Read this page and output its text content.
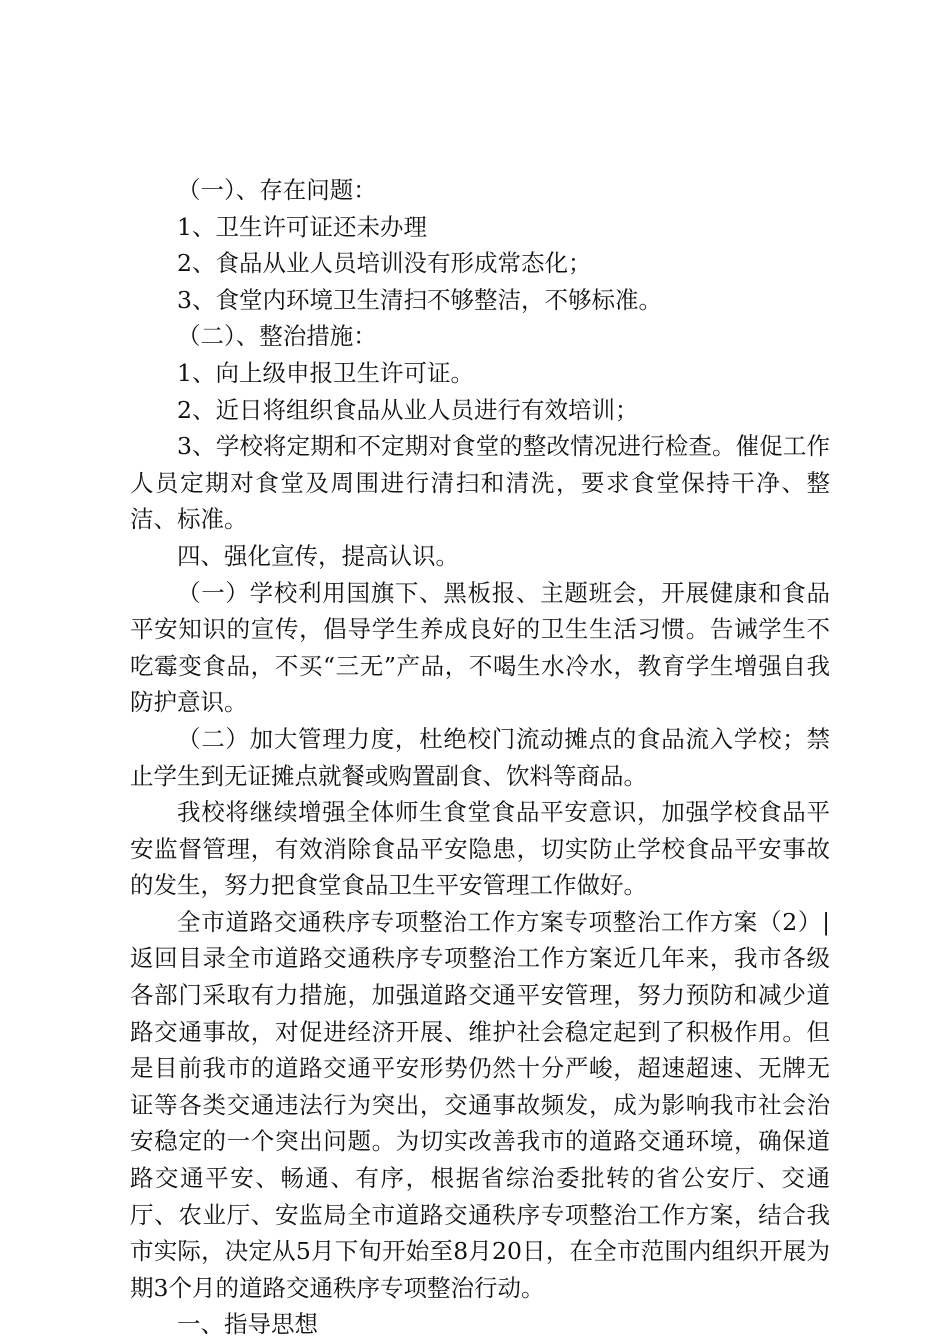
（一）、存在问题：

1、卫生许可证还未办理

2、食品从业人员培训没有形成常态化；

3、食堂内环境卫生清扫不够整洁，不够标准。

（二）、整治措施：

1、向上级申报卫生许可证。

2、近日将组织食品从业人员进行有效培训；

3、学校将定期和不定期对食堂的整改情况进行检查。催促工作人员定期对食堂及周围进行清扫和清洗，要求食堂保持干净、整洁、标准。

四、强化宣传，提高认识。

（一）学校利用国旗下、黑板报、主题班会，开展健康和食品平安知识的宣传，倡导学生养成良好的卫生生活习惯。告诫学生不吃霉变食品，不买“三无”产品，不喝生水冷水，教育学生增强自我防护意识。

（二）加大管理力度，杜绝校门流动摊点的食品流入学校；禁止学生到无证摊点就餐或购置副食、饮料等商品。

我校将继续增强全体师生食堂食品平安意识，加强学校食品平安监督管理，有效消除食品平安隐患，切实防止学校食品平安事故的发生，努力把食堂食品卫生平安管理工作做好。

全市道路交通秩序专项整治工作方案专项整治工作方案（2）|返回目录全市道路交通秩序专项整治工作方案近几年来，我市各级各部门采取有力措施，加强道路交通平安管理，努力预防和减少道路交通事故，对促进经济开展、维护社会稳定起到了积极作用。但是目前我市的道路交通平安形势仍然十分严峻，超速超速、无牌无证等各类交通违法行为突出，交通事故频发，成为影响我市社会治安稳定的一个突出问题。为切实改善我市的道路交通环境，确保道路交通平安、畅通、有序，根据省综治委批转的省公安厅、交通厅、农业厅、安监局全市道路交通秩序专项整治工作方案，结合我市实际，决定从5月下旬开始至8月20日，在全市范围内组织开展为期3个月的道路交通秩序专项整治行动。

一、指导思想
